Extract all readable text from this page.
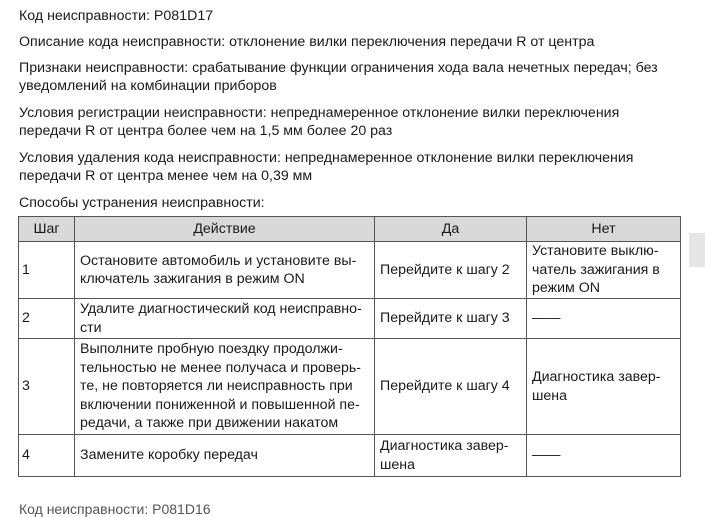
Код неисправности: P081D17

Описание кода неисправности: отклонение вилки переключения передачи R от центра

Признаки неисправности: срабатывание функции ограничения хода вала нечетных передач; без
уведомлений на комбинации приборов

Условия регистрации неисправности: непреднамеренное отклонение вилки переключения
передачи R от центра более чем на 1,5 мм более 20 раз

Условия удаления кода неисправности: непреднамеренное отклонение вилки переключения
передачи R от центра менее чем на 0,39 мм

Способы устранения неисправности:

Шаг	Действие	Да	Нет
1	Остановите автомобиль и установите вы-
ключатель зажигания в режим ON	Перейдите к шагу 2	Установите выклю-
чатель зажигания в
режим ON
2	Удалите диагностический код неисправно-
сти	Перейдите к шагу 3	——
3	Выполните пробную поездку продолжи-
тельностью не менее получаса и проверь-
те, не повторяется ли неисправность при
включении пониженной и повышенной пе-
редачи, а также при движении накатом	Перейдите к шагу 4	Диагностика завер-
шена
4	Замените коробку передач	Диагностика завер-
шена	——
Код неисправности: P081D16
